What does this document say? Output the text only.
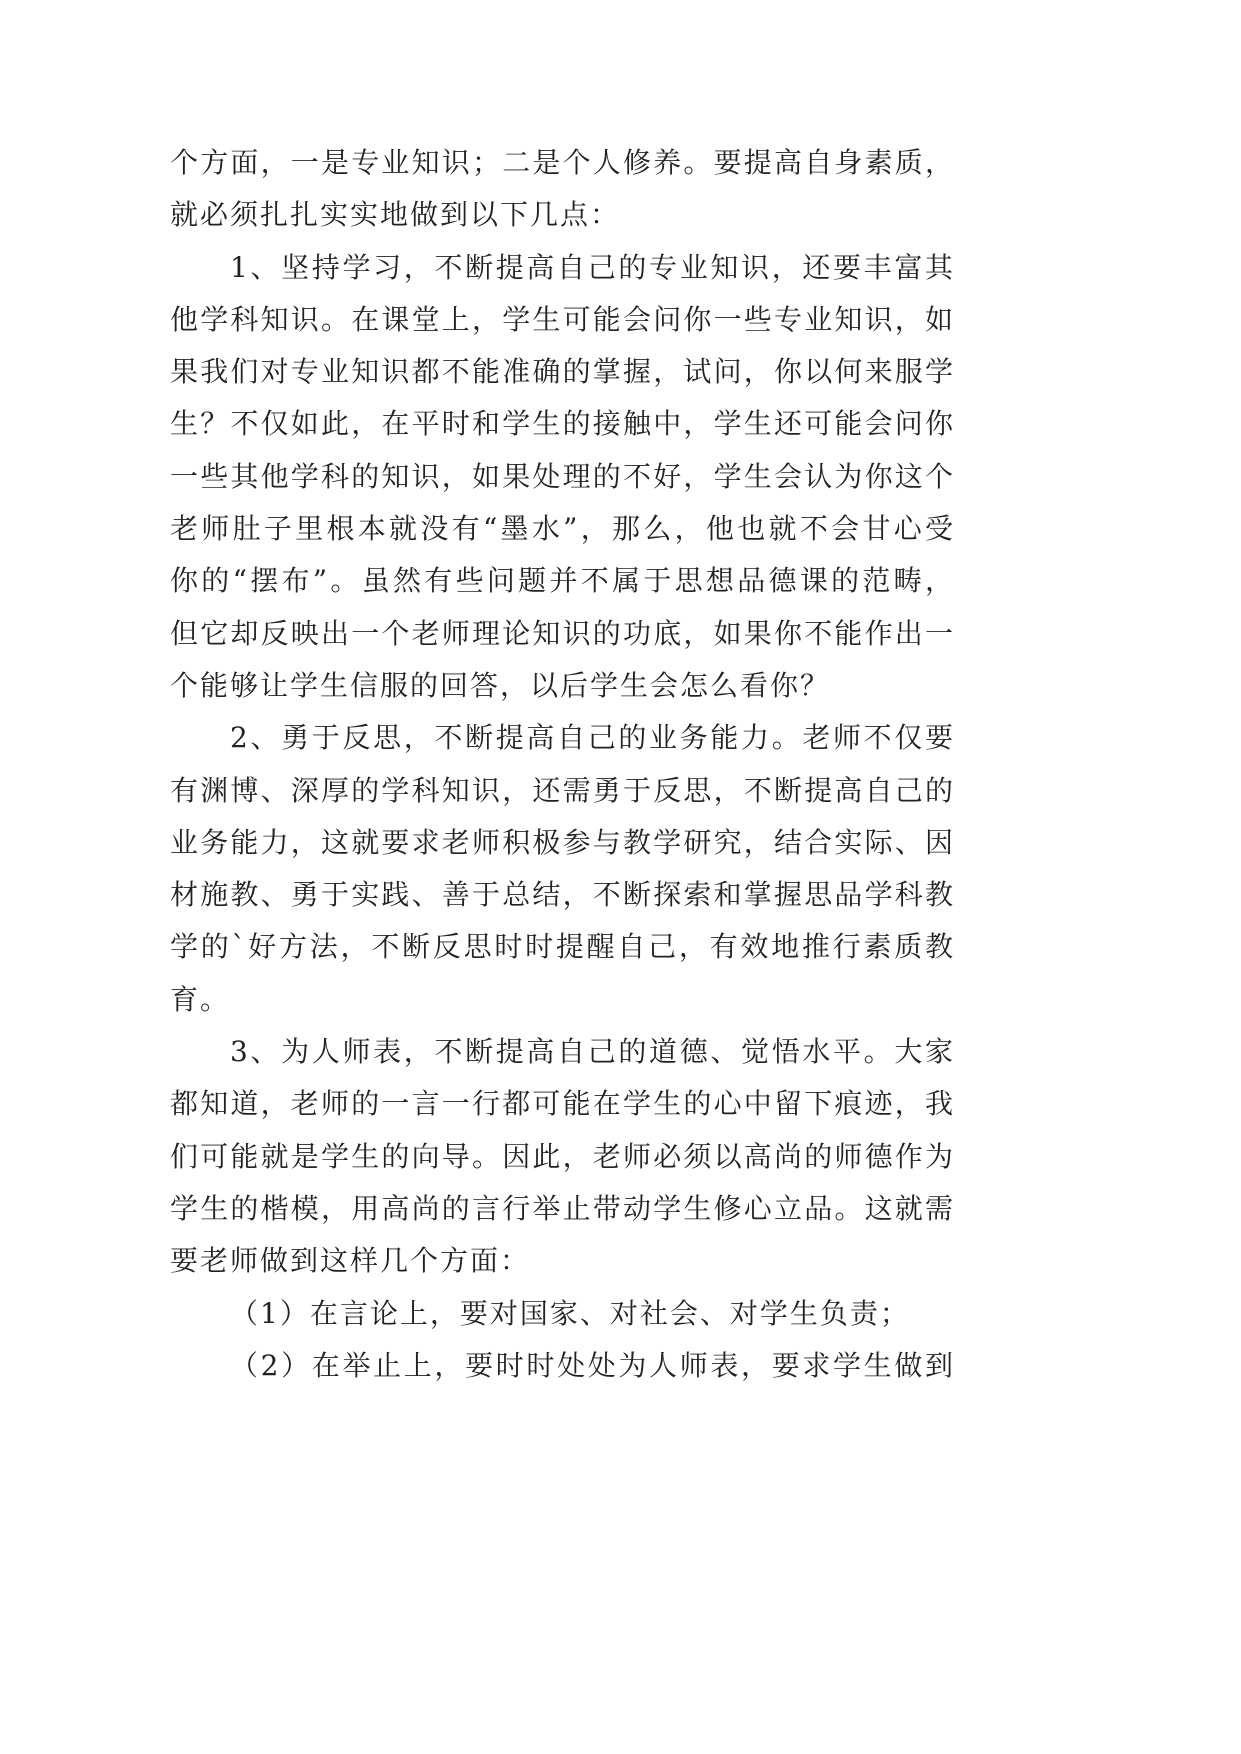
个方面，一是专业知识；二是个人修养。要提高自身素质，
就必须扎扎实实地做到以下几点：
1、坚持学习，不断提高自己的专业知识，还要丰富其
他学科知识。在课堂上，学生可能会问你一些专业知识，如
果我们对专业知识都不能准确的掌握，试问，你以何来服学
生？不仅如此，在平时和学生的接触中，学生还可能会问你
一些其他学科的知识，如果处理的不好，学生会认为你这个
老师肚子里根本就没有“墨水”，那么，他也就不会甘心受
你的“摆布”。虽然有些问题并不属于思想品德课的范畴，
但它却反映出一个老师理论知识的功底，如果你不能作出一
个能够让学生信服的回答，以后学生会怎么看你？
2、勇于反思，不断提高自己的业务能力。老师不仅要
有渊博、深厚的学科知识，还需勇于反思，不断提高自己的
业务能力，这就要求老师积极参与教学研究，结合实际、因
材施教、勇于实践、善于总结，不断探索和掌握思品学科教
学的`好方法，不断反思时时提醒自己，有效地推行素质教
育。
3、为人师表，不断提高自己的道德、觉悟水平。大家
都知道，老师的一言一行都可能在学生的心中留下痕迹，我
们可能就是学生的向导。因此，老师必须以高尚的师德作为
学生的楷模，用高尚的言行举止带动学生修心立品。这就需
要老师做到这样几个方面：
（1）在言论上，要对国家、对社会、对学生负责；
（2）在举止上，要时时处处为人师表，要求学生做到
